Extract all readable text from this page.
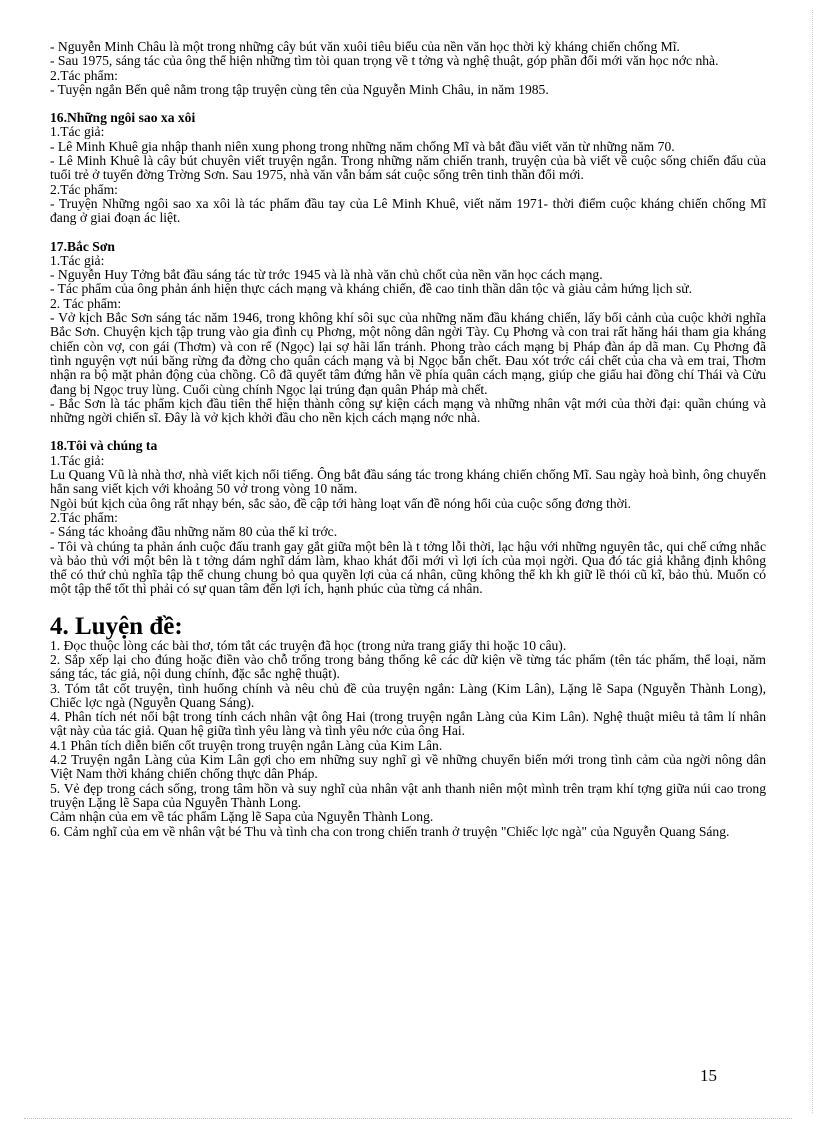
- Nguyễn Minh Châu là một trong những cây bút văn xuôi tiêu biểu của nền văn học thời kỳ kháng chiến chống Mĩ.

- Sau 1975, sáng tác của ông thể hiện những tìm tòi quan trọng về t tởng và nghệ thuật, góp phần đổi mới văn học nớc nhà.

2.Tác phẩm:

- Tuyện ngắn Bến quê nằm trong tập truyện cùng tên của Nguyễn Minh Châu, in năm 1985.

16.Những ngôi sao xa xôi

1.Tác giả:

- Lê Minh Khuê gia nhập thanh niên xung phong trong những năm chống Mĩ và bắt đầu viết văn từ những năm 70.

- Lê Minh Khuê là cây bút chuyên viết truyện ngắn. Trong những năm chiến tranh, truyện của bà viết về cuộc sống chiến đấu của tuổi trẻ ở tuyến đờng Trờng Sơn. Sau 1975, nhà văn vẫn bám sát cuộc sống trên tinh thần đổi mới.

2.Tác phẩm:

- Truyện Những ngôi sao xa xôi là tác phẩm đầu tay của Lê Minh Khuê, viết năm 1971- thời điểm cuộc kháng chiến chống Mĩ đang ở giai đoạn ác liệt.

17.Bắc Sơn

1.Tác giả:

- Nguyễn Huy Tởng bắt đầu sáng tác từ trớc 1945 và là nhà văn chủ chốt của nền văn học cách mạng.

- Tác phẩm của ông phản ánh hiện thực cách mạng và kháng chiến, đề cao tinh thần dân tộc và giàu cảm hứng lịch sử.

2. Tác phẩm:

- Vở kịch Bắc Sơn sáng tác năm 1946, trong không khí sôi sục của những năm đầu kháng chiến, lấy bối cảnh của cuộc khởi nghĩa Bắc Sơn. Chuyện kịch tập trung vào gia đình cụ Phơng, một nông dân ngời Tày. Cụ Phơng và con trai rất hăng hái tham gia kháng chiến còn vợ, con gái (Thơm) và con rể (Ngọc) lại sợ hãi lẩn tránh. Phong trào cách mạng bị Pháp đàn áp dã man. Cụ Phơng đã tình nguyện vợt núi băng rừng đa đờng cho quân cách mạng và bị Ngọc bắn chết. Đau xót trớc cái chết của cha và em trai, Thơm nhận ra bộ mặt phản động của chồng. Cô đã quyết tâm đứng hẳn về phía quân cách mạng, giúp che giấu hai đồng chí Thái và Cửu đang bị Ngọc truy lùng. Cuối cùng chính Ngọc lại trúng đạn quân Pháp mà chết.

- Bắc Sơn là tác phẩm kịch đầu tiên thể hiện thành công sự kiện cách mạng và những nhân vật mới của thời đại: quần chúng và những ngời chiến sĩ. Đây là vở kịch khởi đầu cho nền kịch cách mạng nớc nhà.

18.Tôi và chúng ta

1.Tác giả:

Lu Quang Vũ là nhà thơ, nhà viết kịch nổi tiếng. Ông bắt đầu sáng tác trong kháng chiến chống Mĩ. Sau ngày hoà bình, ông chuyển hẳn sang viết kịch với khoảng 50 vở trong vòng 10 năm.

Ngòi bút kịch của ông rất nhạy bén, sắc sảo, đề cập tới hàng loạt vấn đề nóng hổi của cuộc sống đơng thời.

2.Tác phẩm:

- Sáng tác khoảng đầu những năm 80 của thế kỉ trớc.

- Tôi và chúng ta phản ánh cuộc đấu tranh gay gắt giữa một bên là t tởng lỗi thời, lạc hậu với những nguyên tắc, qui chế cứng nhắc và bảo thủ với một bên là t tởng dám nghĩ dám làm, khao khát đổi mới vì lợi ích của mọi ngời. Qua đó tác giả khẳng định không thể có thứ chủ nghĩa tập thể chung chung bỏ qua quyền lợi của cá nhân, cũng không thể kh kh giữ lề thói cũ kĩ, bảo thủ. Muốn có một tập thể tốt thì phải có sự quan tâm đến lợi ích, hạnh phúc của từng cá nhân.

4. Luyện đề:

1. Đọc thuộc lòng các bài thơ, tóm tắt các truyện đã học (trong nửa trang giấy thi hoặc 10 câu).

2. Sắp xếp lại cho đúng hoặc điền vào chỗ trống trong bảng thống kê các dữ kiện về từng tác phẩm (tên tác phẩm, thể loại, năm sáng tác, tác giả, nội dung chính, đặc sắc nghệ thuật).

3. Tóm tắt cốt truyện, tình huống chính và nêu chủ đề của truyện ngắn: Làng (Kim Lân), Lặng lẽ Sapa (Nguyễn Thành Long), Chiếc lợc ngà (Nguyễn Quang Sáng).

4. Phân tích nét nổi bật trong tính cách nhân vật ông Hai (trong truyện ngắn Làng của Kim Lân). Nghệ thuật miêu tả tâm lí nhân vật này của tác giả. Quan hệ giữa tình yêu làng và tình yêu nớc của ông Hai.

4.1 Phân tích diễn biến cốt truyện trong truyện ngắn Làng của Kim Lân.

4.2 Truyện ngắn Làng của Kim Lân gợi cho em những suy nghĩ gì về những chuyển biến mới trong tình cảm của ngời nông dân Việt Nam thời kháng chiến chống thực dân Pháp.

5. Vẻ đẹp trong cách sống, trong tâm hồn và suy nghĩ của nhân vật anh thanh niên một mình trên trạm khí tợng giữa núi cao trong truyện Lặng lẽ Sapa của Nguyễn Thành Long.

Cảm nhận của em về tác phẩm Lặng lẽ Sapa của Nguyễn Thành Long.

6. Cảm nghĩ của em về nhân vật bé Thu và tình cha con trong chiến tranh ở truyện "Chiếc lợc ngà" của Nguyễn Quang Sáng.

15
